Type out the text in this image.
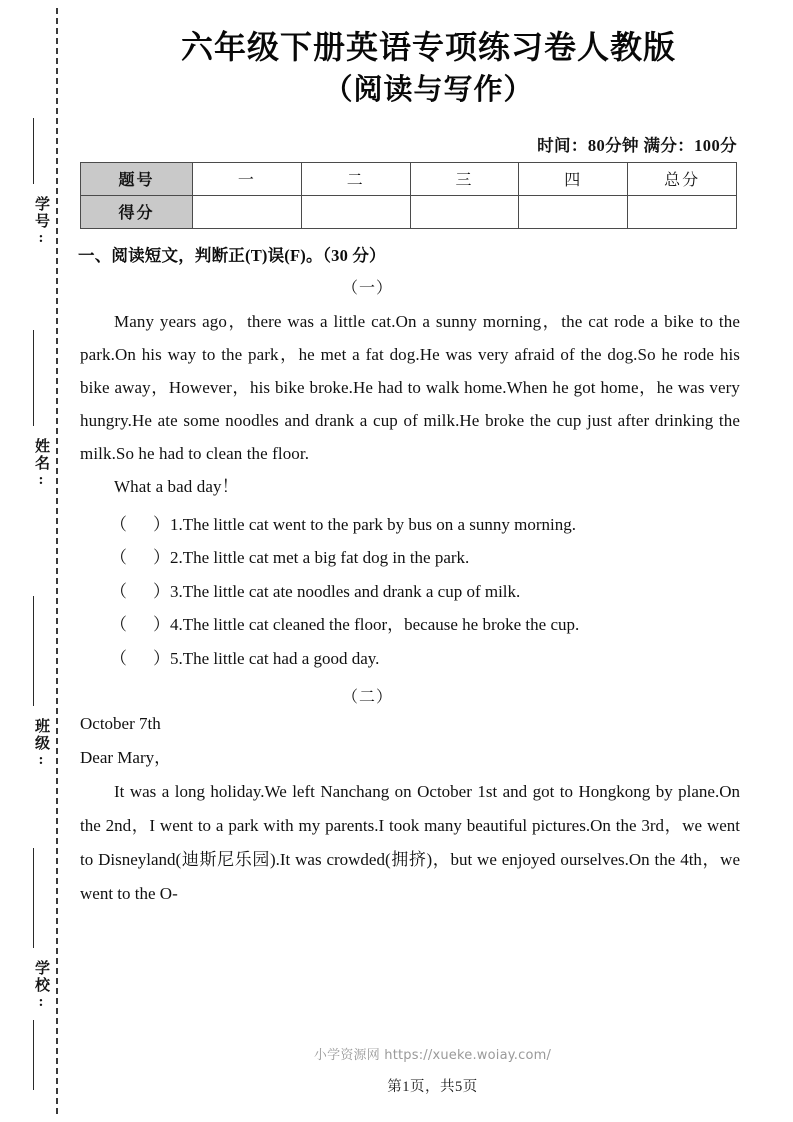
学号:
姓名:
班级:
学校:
六年级下册英语专项练习卷人教版
（阅读与写作）
时间：80分钟 满分：100分
题号	一	二	三	四	总分
得分					
一、阅读短文，判断正(T)误(F)。（30 分）
（一）

Many years ago，there was a little cat.On a sunny morning，the cat rode a bike to the park.On his way to the park，he met a fat dog.He was very afraid of the dog.So he rode his bike away，However，his bike broke.He had to walk home.When he got home，he was very hungry.He ate some noodles and drank a cup of milk.He broke the cup just after drinking the milk.So he had to clean the floor.

What a bad day！

（ ）1.The little cat went to the park by bus on a sunny morning.
（ ）2.The little cat met a big fat dog in the park.
（ ）3.The little cat ate noodles and drank a cup of milk.
（ ）4.The little cat cleaned the floor，because he broke the cup.
（ ）5.The little cat had a good day.
（二）

October 7th

Dear Mary，

It was a long holiday.We left Nanchang on October 1st and got to Hongkong by plane.On the 2nd，I went to a park with my parents.I took many beautiful pictures.On the 3rd，we went to Disneyland(迪斯尼乐园).It was crowded(拥挤)，but we enjoyed ourselves.On the 4th，we went to the O-

小学资源网 https://xueke.woiay.com/
第1页，共5页
